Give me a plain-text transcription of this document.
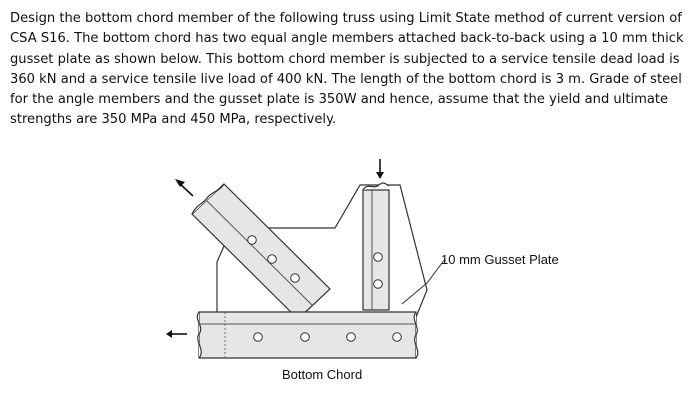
Design the bottom chord member of the following truss using Limit State method of current version of
CSA S16. The bottom chord has two equal angle members attached back-to-back using a 10 mm thick
gusset plate as shown below. This bottom chord member is subjected to a service tensile dead load is
360 kN and a service tensile live load of 400 kN. The length of the bottom chord is 3 m. Grade of steel
for the angle members and the gusset plate is 350W and hence, assume that the yield and ultimate
strengths are 350 MPa and 450 MPa, respectively.
10 mm Gusset Plate
Bottom Chord
